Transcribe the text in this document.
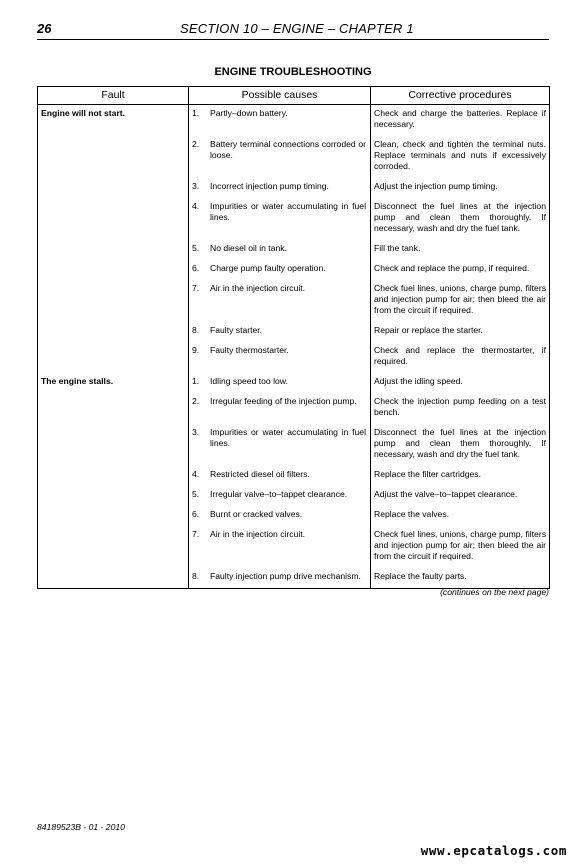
26	SECTION 10 – ENGINE – CHAPTER 1
ENGINE TROUBLESHOOTING
Fault	Possible causes	Corrective procedures
Engine will not start.	1. Partly–down battery.	Check and charge the batteries. Replace if necessary.

	2. Battery terminal connections corroded or loose.	Clean, check and tighten the terminal nuts. Replace terminals and nuts if excessively corroded.

	3. Incorrect injection pump timing.	Adjust the injection pump timing.

	4. Impurities or water accumulating in fuel lines.	Disconnect the fuel lines at the injection pump and clean them thoroughly. If necessary, wash and dry the fuel tank.

	5. No diesel oil in tank.	Fill the tank.

	6. Charge pump faulty operation.	Check and replace the pump, if required.

	7. Air in the injection circuit.	Check fuel lines, unions, charge pump, filters and injection pump for air; then bleed the air from the circuit if required.

	8. Faulty starter.	Repair or replace the starter.

	9. Faulty thermostarter.	Check and replace the thermostarter, if required.
The engine stalls.	1. Idling speed too low.	Adjust the idling speed.

	2. Irregular feeding of the injection pump.	Check the injection pump feeding on a test bench.

	3. Impurities or water accumulating in fuel lines.	Disconnect the fuel lines at the injection pump and clean them thoroughly. If necessary, wash and dry the fuel tank.

	4. Restricted diesel oil filters.	Replace the filter cartridges.

	5. Irregular valve–to–tappet clearance.	Adjust the valve–to–tappet clearance.

	6. Burnt or cracked valves.	Replace the valves.

	7. Air in the injection circuit.	Check fuel lines, unions, charge pump, filters and injection pump for air; then bleed the air from the circuit if required.

	8. Faulty injection pump drive mechanism.	Replace the faulty parts.
(continues on the next page)
84189523B - 01 - 2010
www.epcatalogs.com
